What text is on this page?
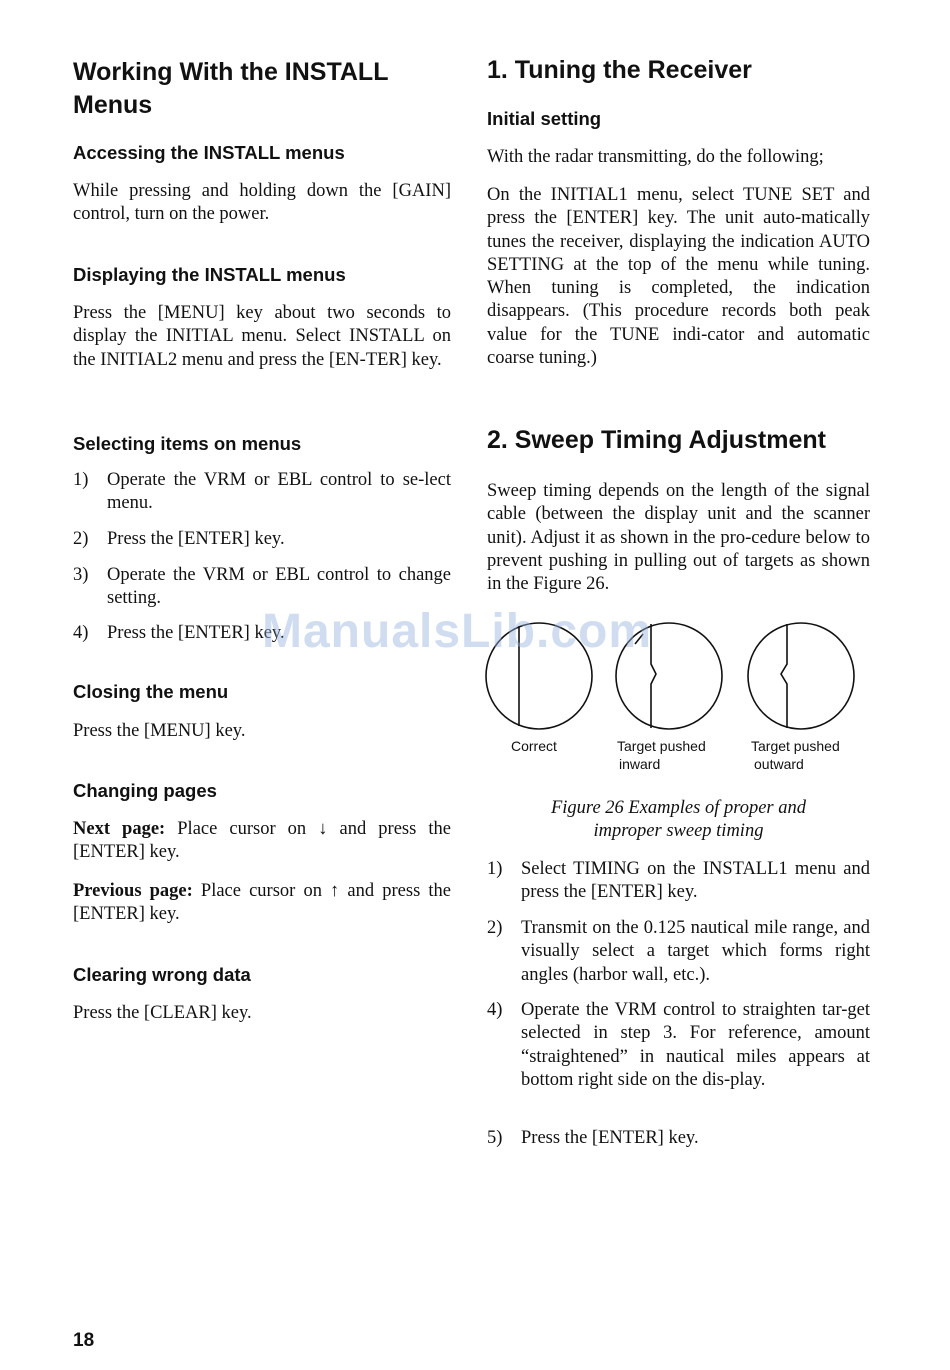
Working With the INSTALL
Menus
Accessing the INSTALL menus

While pressing and holding down the [GAIN] control, turn on the power.

Displaying the INSTALL menus

Press the [MENU] key about two seconds to display the INITIAL menu. Select INSTALL on the INITIAL2 menu and press the [EN-TER] key.

Selecting items on menus
1) Operate the VRM or EBL control to se-lect menu.
2) Press the [ENTER] key.
3) Operate the VRM or EBL control to change setting.
4) Press the [ENTER] key.
Closing the menu

Press the [MENU] key.

Changing pages

Next page: Place cursor on ↓ and press the [ENTER] key.

Previous page: Place cursor on ↑ and press the [ENTER] key.

Clearing wrong data

Press the [CLEAR] key.

1. Tuning the Receiver
Initial setting

With the radar transmitting, do the following;

On the INITIAL1 menu, select TUNE SET and press the [ENTER] key. The unit auto-matically tunes the receiver, displaying the indication AUTO SETTING at the top of the menu while tuning. When tuning is completed, the indication disappears. (This procedure records both peak value for the TUNE indi-cator and automatic coarse tuning.)

2. Sweep Timing Adjustment

Sweep timing depends on the length of the signal cable (between the display unit and the scanner unit). Adjust it as shown in the pro-cedure below to prevent pushing in pulling out of targets as shown in the Figure 26.

Correct	Target pushed
inward
Target pushed
outward
Figure 26 Examples of proper and
improper sweep timing
1) Select TIMING on the INSTALL1 menu and press the [ENTER] key.
2) Transmit on the 0.125 nautical mile range, and visually select a target which forms right angles (harbor wall, etc.).
4) Operate the VRM control to straighten tar-get selected in step 3. For reference, amount “straightened” in nautical miles appears at bottom right side on the dis-play.
5) Press the [ENTER] key.
ManualsLib.com
18
